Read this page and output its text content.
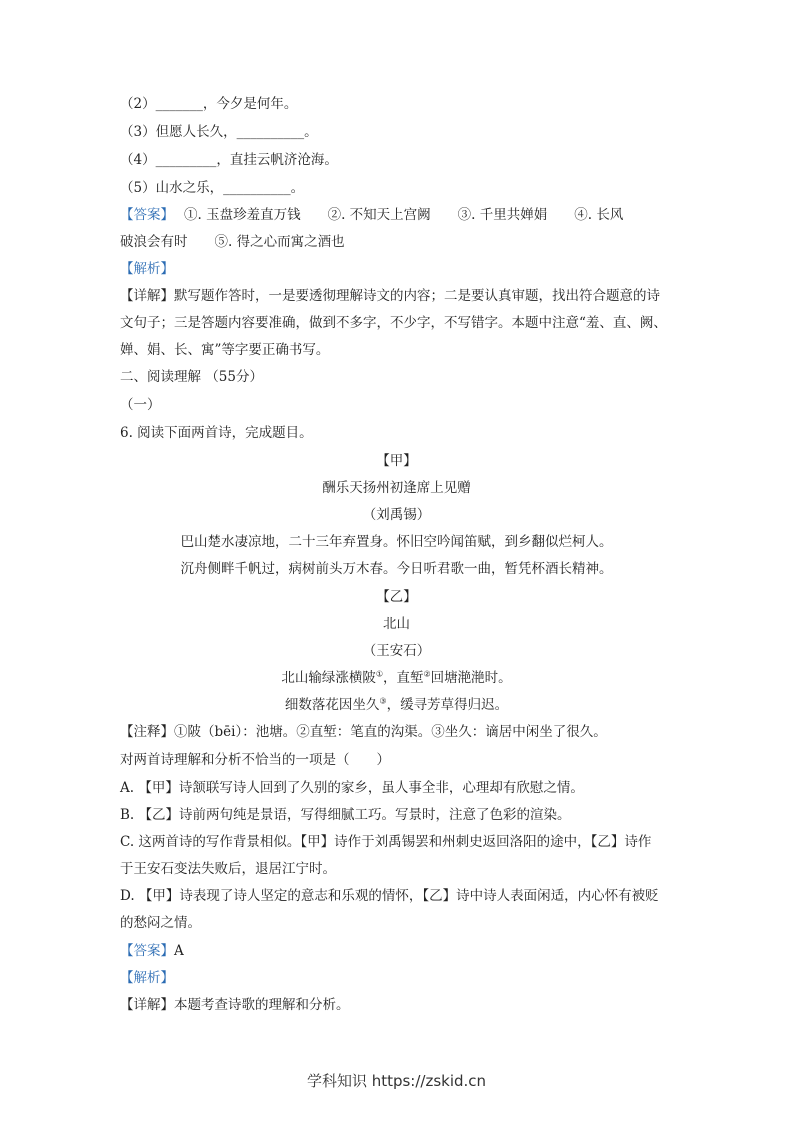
（2）_______，今夕是何年。
（3）但愿人长久，__________。
（4）_________，直挂云帆济沧海。
（5）山水之乐，__________。
【答案】 ①. 玉盘珍羞直万钱　　②. 不知天上宫阙　　③. 千里共婵娟　　④. 长风
破浪会有时　　⑤. 得之心而寓之酒也
【解析】
【详解】默写题作答时，一是要透彻理解诗文的内容；二是要认真审题，找出符合题意的诗
文句子；三是答题内容要准确，做到不多字，不少字，不写错字。本题中注意“羞、直、阙、
婵、娟、长、寓”等字要正确书写。
二、阅读理解 （55分）
（一）
6. 阅读下面两首诗，完成题目。
【甲】
酬乐天扬州初逢席上见赠
（刘禹锡）
巴山楚水凄凉地，二十三年弃置身。怀旧空吟闻笛赋，到乡翻似烂柯人。
沉舟侧畔千帆过，病树前头万木春。今日听君歌一曲，暂凭杯酒长精神。
【乙】
北山
（王安石）
北山输绿涨横陂①，直堑②回塘滟滟时。
细数落花因坐久③，缓寻芳草得归迟。
【注释】①陂（bēi）：池塘。②直堑：笔直的沟渠。③坐久：谪居中闲坐了很久。
对两首诗理解和分析不恰当的一项是（　　）
A. 【甲】诗颔联写诗人回到了久别的家乡，虽人事全非，心理却有欣慰之情。
B. 【乙】诗前两句纯是景语，写得细腻工巧。写景时，注意了色彩的渲染。
C. 这两首诗的写作背景相似。【甲】诗作于刘禹锡罢和州刺史返回洛阳的途中，【乙】诗作
于王安石变法失败后，退居江宁时。
D. 【甲】诗表现了诗人坚定的意志和乐观的情怀，【乙】诗中诗人表面闲适，内心怀有被贬
的愁闷之情。
【答案】A
【解析】
【详解】本题考查诗歌的理解和分析。
学科知识 https://zskid.cn
